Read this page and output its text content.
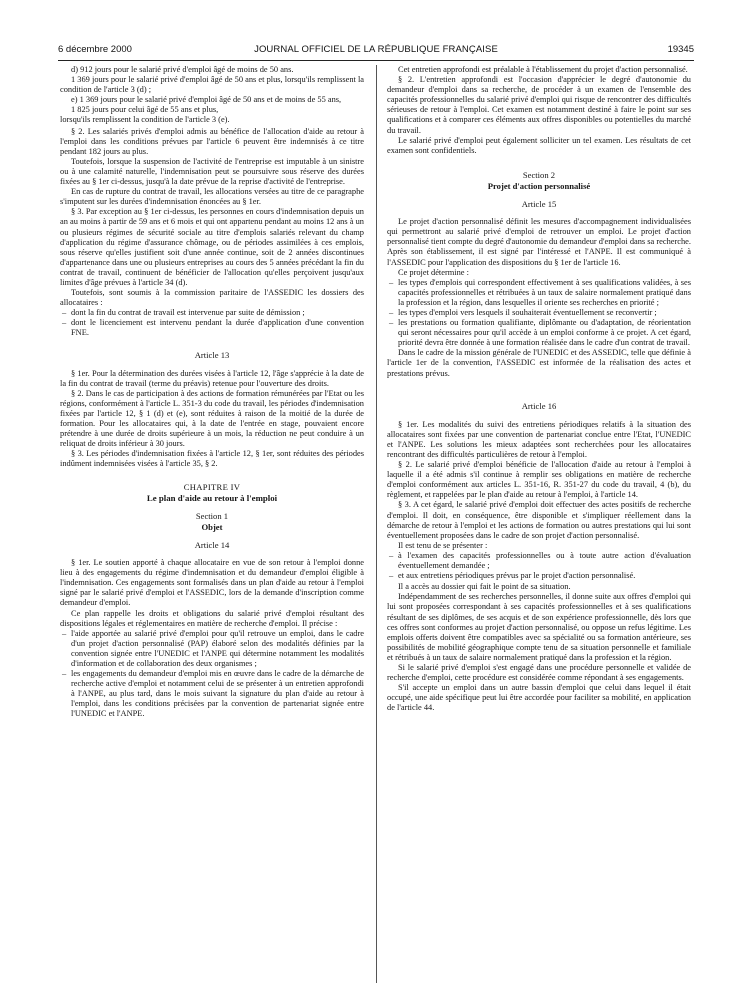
6 décembre 2000	JOURNAL OFFICIEL DE LA RÉPUBLIQUE FRANÇAISE	19345

d) 912 jours pour le salarié privé d'emploi âgé de moins de 50 ans.

1 369 jours pour le salarié privé d'emploi âgé de 50 ans et plus, lorsqu'ils remplissent la condition de l'article 3 (d) ;

e) 1 369 jours pour le salarié privé d'emploi âgé de 50 ans et de moins de 55 ans,

1 825 jours pour celui âgé de 55 ans et plus,

lorsqu'ils remplissent la condition de l'article 3 (e).

§ 2. Les salariés privés d'emploi admis au bénéfice de l'allocation d'aide au retour à l'emploi dans les conditions prévues par l'article 6 peuvent être indemnisés à ce titre pendant 182 jours au plus.

Toutefois, lorsque la suspension de l'activité de l'entreprise est imputable à un sinistre ou à une calamité naturelle, l'indemnisation peut se poursuivre sous réserve des durées fixées au § 1er ci-dessus, jusqu'à la date prévue de la reprise d'activité de l'entreprise.

En cas de rupture du contrat de travail, les allocations versées au titre de ce paragraphe s'imputent sur les durées d'indemnisation énoncées au § 1er.

§ 3. Par exception au § 1er ci-dessus, les personnes en cours d'indemnisation depuis un an au moins à partir de 59 ans et 6 mois et qui ont appartenu pendant au moins 12 ans à un ou plusieurs régimes de sécurité sociale au titre d'emplois salariés relevant du champ d'application du régime d'assurance chômage, ou de périodes assimilées à ces emplois, sous réserve qu'elles justifient soit d'une année continue, soit de 2 années discontinues d'appartenance dans une ou plusieurs entreprises au cours des 5 années précédant la fin du contrat de travail, continuent de bénéficier de l'allocation qu'elles perçoivent jusqu'aux limites d'âge prévues à l'article 34 (d).

Toutefois, sont soumis à la commission paritaire de l'ASSEDIC les dossiers des allocataires :

– dont la fin du contrat de travail est intervenue par suite de démission ;
– dont le licenciement est intervenu pendant la durée d'application d'une convention FNE.
Article 13

§ 1er. Pour la détermination des durées visées à l'article 12, l'âge s'apprécie à la date de la fin du contrat de travail (terme du préavis) retenue pour l'ouverture des droits.

§ 2. Dans le cas de participation à des actions de formation rémunérées par l'Etat ou les régions, conformément à l'article L. 351-3 du code du travail, les périodes d'indemnisation fixées par l'article 12, § 1 (d) et (e), sont réduites à raison de la moitié de la durée de formation. Pour les allocataires qui, à la date de l'entrée en stage, pouvaient encore prétendre à une durée de droits supérieure à un mois, la réduction ne peut conduire à un reliquat de droits inférieur à 30 jours.

§ 3. Les périodes d'indemnisation fixées à l'article 12, § 1er, sont réduites des périodes indûment indemnisées visées à l'article 35, § 2.

CHAPITRE IV
Le plan d'aide au retour à l'emploi
Section 1
Objet
Article 14

§ 1er. Le soutien apporté à chaque allocataire en vue de son retour à l'emploi donne lieu à des engagements du régime d'indemnisation et du demandeur d'emploi éligible à l'indemnisation. Ces engagements sont formalisés dans un plan d'aide au retour à l'emploi signé par le salarié privé d'emploi et l'ASSEDIC, lors de la demande d'inscription comme demandeur d'emploi.

Ce plan rappelle les droits et obligations du salarié privé d'emploi résultant des dispositions légales et réglementaires en matière de recherche d'emploi. Il précise :

– l'aide apportée au salarié privé d'emploi pour qu'il retrouve un emploi, dans le cadre d'un projet d'action personnalisé (PAP) élaboré selon des modalités définies par la convention signée entre l'UNEDIC et l'ANPE qui détermine notamment les modalités d'information et de collaboration des deux organismes ;
– les engagements du demandeur d'emploi mis en œuvre dans le cadre de la démarche de recherche active d'emploi et notamment celui de se présenter à un entretien approfondi à l'ANPE, au plus tard, dans le mois suivant la signature du plan d'aide au retour à l'emploi, dans les conditions précisées par la convention de partenariat signée entre l'UNEDIC et l'ANPE.

Cet entretien approfondi est préalable à l'établissement du projet d'action personnalisé.

§ 2. L'entretien approfondi est l'occasion d'apprécier le degré d'autonomie du demandeur d'emploi dans sa recherche, de procéder à un examen de l'ensemble des capacités professionnelles du salarié privé d'emploi qui risque de rencontrer des difficultés sérieuses de retour à l'emploi. Cet examen est notamment destiné à faire le point sur ses qualifications et à comparer ces éléments aux offres disponibles ou potentielles du marché du travail.

Le salarié privé d'emploi peut également solliciter un tel examen. Les résultats de cet examen sont confidentiels.

Section 2
Projet d'action personnalisé
Article 15

Le projet d'action personnalisé définit les mesures d'accompagnement individualisées qui permettront au salarié privé d'emploi de retrouver un emploi. Le projet d'action personnalisé tient compte du degré d'autonomie du demandeur d'emploi dans sa recherche. Après son établissement, il est signé par l'intéressé et l'ANPE. Il est communiqué à l'ASSEDIC pour l'application des dispositions du § 1er de l'article 16.

Ce projet détermine :

– les types d'emplois qui correspondent effectivement à ses qualifications validées, à ses capacités professionnelles et rétribuées à un taux de salaire normalement pratiqué dans la profession et la région, dans lesquelles il oriente ses recherches en priorité ;
– les types d'emploi vers lesquels il souhaiterait éventuellement se reconvertir ;
– les prestations ou formation qualifiante, diplômante ou d'adaptation, de réorientation qui seront nécessaires pour qu'il accède à un emploi conforme à ce projet. A cet égard, priorité devra être donnée à une formation réalisée dans le cadre d'un contrat de travail.

Dans le cadre de la mission générale de l'UNEDIC et des ASSEDIC, telle que définie à l'article 1er de la convention, l'ASSEDIC est informée de la réalisation des actes et prestations prévus.

Article 16

§ 1er. Les modalités du suivi des entretiens périodiques relatifs à la situation des allocataires sont fixées par une convention de partenariat conclue entre l'Etat, l'UNEDIC et l'ANPE. Les solutions les mieux adaptées sont recherchées pour les allocataires rencontrant des difficultés particulières de retour à l'emploi.

§ 2. Le salarié privé d'emploi bénéficie de l'allocation d'aide au retour à l'emploi à laquelle il a été admis s'il continue à remplir ses obligations en matière de recherche d'emploi conformément aux articles L. 351-16, R. 351-27 du code du travail, 4 (b), du règlement, et rappelées par le plan d'aide au retour à l'emploi, à l'article 14.

§ 3. A cet égard, le salarié privé d'emploi doit effectuer des actes positifs de recherche d'emploi. Il doit, en conséquence, être disponible et s'impliquer réellement dans la démarche de retour à l'emploi et les actions de formation ou autres prestations qui lui sont éventuellement proposées dans le cadre de son projet d'action personnalisé.

Il est tenu de se présenter :

– à l'examen des capacités professionnelles ou à toute autre action d'évaluation éventuellement demandée ;
– et aux entretiens périodiques prévus par le projet d'action personnalisé.

Il a accès au dossier qui fait le point de sa situation.

Indépendamment de ses recherches personnelles, il donne suite aux offres d'emploi qui lui sont proposées correspondant à ses capacités professionnelles et à ses qualifications résultant de ses diplômes, de ses acquis et de son expérience professionnelle, dès lors que ces offres sont conformes au projet d'action personnalisé, ou oppose un refus légitime. Les emplois offerts doivent être compatibles avec sa spécialité ou sa formation antérieure, ses possibilités de mobilité géographique compte tenu de sa situation personnelle et familiale et rétribués à un taux de salaire normalement pratiqué dans la profession et la région.

Si le salarié privé d'emploi s'est engagé dans une procédure personnelle et validée de recherche d'emploi, cette procédure est considérée comme répondant à ses engagements.

S'il accepte un emploi dans un autre bassin d'emploi que celui dans lequel il était occupé, une aide spécifique peut lui être accordée pour faciliter sa mobilité, en application de l'article 44.
